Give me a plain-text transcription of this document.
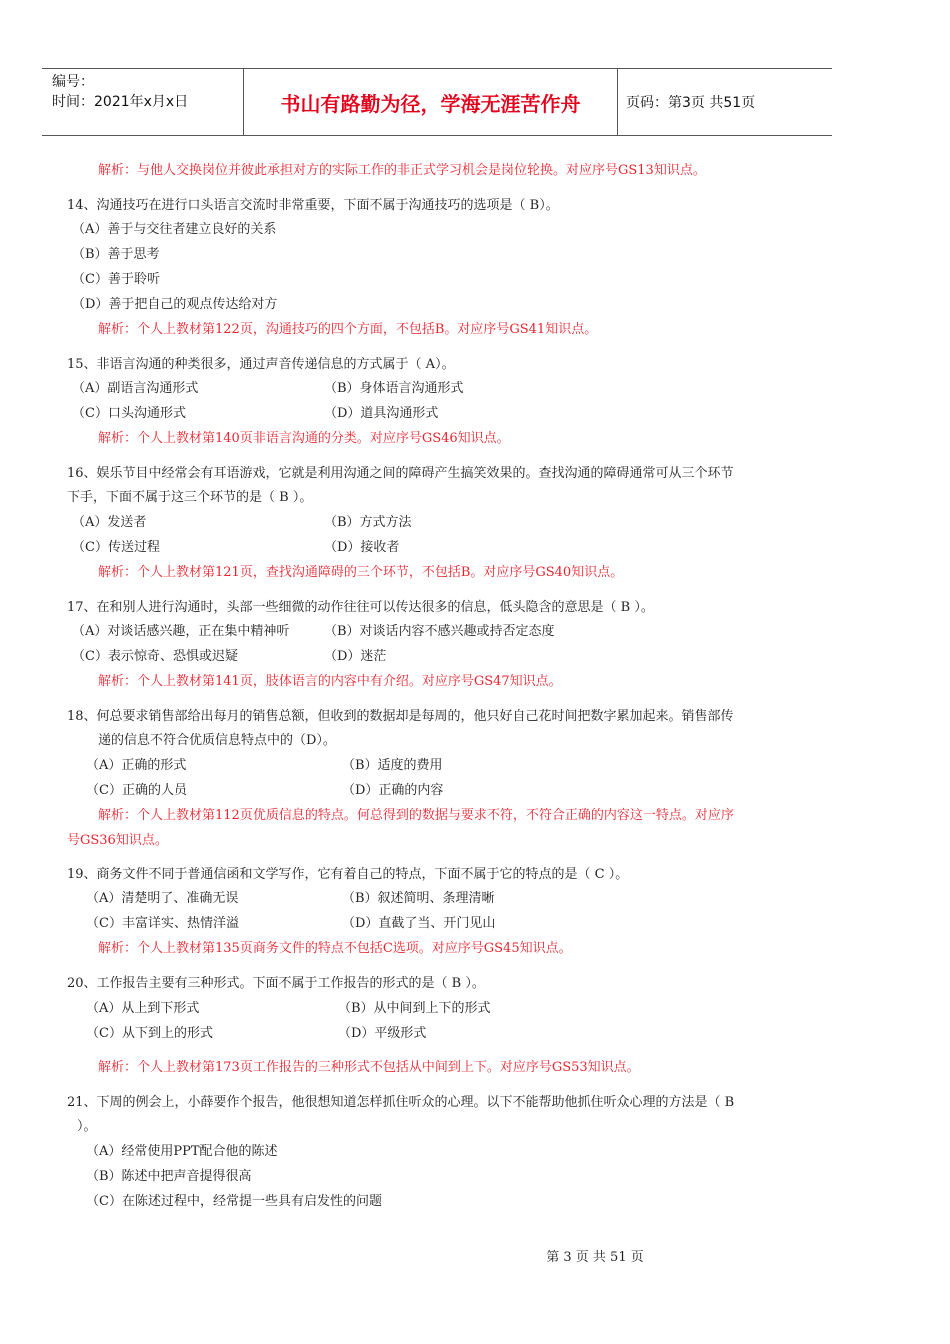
编号：
时间：2021年x月x日	书山有路勤为径，学海无涯苦作舟	页码：第3页 共51页
解析：与他人交换岗位并彼此承担对方的实际工作的非正式学习机会是岗位轮换。对应序号GS13知识点。
14、沟通技巧在进行口头语言交流时非常重要，下面不属于沟通技巧的选项是（ B）。
（A）善于与交往者建立良好的关系
（B）善于思考
（C）善于聆听
（D）善于把自己的观点传达给对方
解析：个人上教材第122页，沟通技巧的四个方面，不包括B。对应序号GS41知识点。
15、非语言沟通的种类很多，通过声音传递信息的方式属于（ A）。
（A）副语言沟通形式	（B）身体语言沟通形式
（C）口头沟通形式	（D）道具沟通形式
解析：个人上教材第140页非语言沟通的分类。对应序号GS46知识点。
16、娱乐节目中经常会有耳语游戏，它就是利用沟通之间的障碍产生搞笑效果的。查找沟通的障碍通常可从三个环节
下手，下面不属于这三个环节的是（ B ）。
（A）发送者	（B）方式方法
（C）传送过程	（D）接收者
解析：个人上教材第121页，查找沟通障碍的三个环节，不包括B。对应序号GS40知识点。
17、在和别人进行沟通时，头部一些细微的动作往往可以传达很多的信息，低头隐含的意思是（ B ）。
（A）对谈话感兴趣，正在集中精神听	（B）对谈话内容不感兴趣或持否定态度
（C）表示惊奇、恐惧或迟疑	（D）迷茫
解析：个人上教材第141页，肢体语言的内容中有介绍。对应序号GS47知识点。
18、何总要求销售部给出每月的销售总额，但收到的数据却是每周的，他只好自己花时间把数字累加起来。销售部传
递的信息不符合优质信息特点中的（D）。
（A）正确的形式	（B）适度的费用
（C）正确的人员	（D）正确的内容
解析：个人上教材第112页优质信息的特点。何总得到的数据与要求不符，不符合正确的内容这一特点。对应序
号GS36知识点。
19、商务文件不同于普通信函和文学写作，它有着自己的特点，下面不属于它的特点的是（ C ）。
（A）清楚明了、准确无误	（B）叙述简明、条理清晰
（C）丰富详实、热情洋溢	（D）直截了当、开门见山
解析：个人上教材第135页商务文件的特点不包括C选项。对应序号GS45知识点。
20、工作报告主要有三种形式。下面不属于工作报告的形式的是（ B ）。
（A）从上到下形式	（B）从中间到上下的形式
（C）从下到上的形式	（D）平级形式
解析：个人上教材第173页工作报告的三种形式不包括从中间到上下。对应序号GS53知识点。
21、下周的例会上，小薛要作个报告，他很想知道怎样抓住听众的心理。以下不能帮助他抓住听众心理的方法是（ B
）。
（A）经常使用PPT配合他的陈述
（B）陈述中把声音提得很高
（C）在陈述过程中，经常提一些具有启发性的问题
第 3 页 共 51 页
